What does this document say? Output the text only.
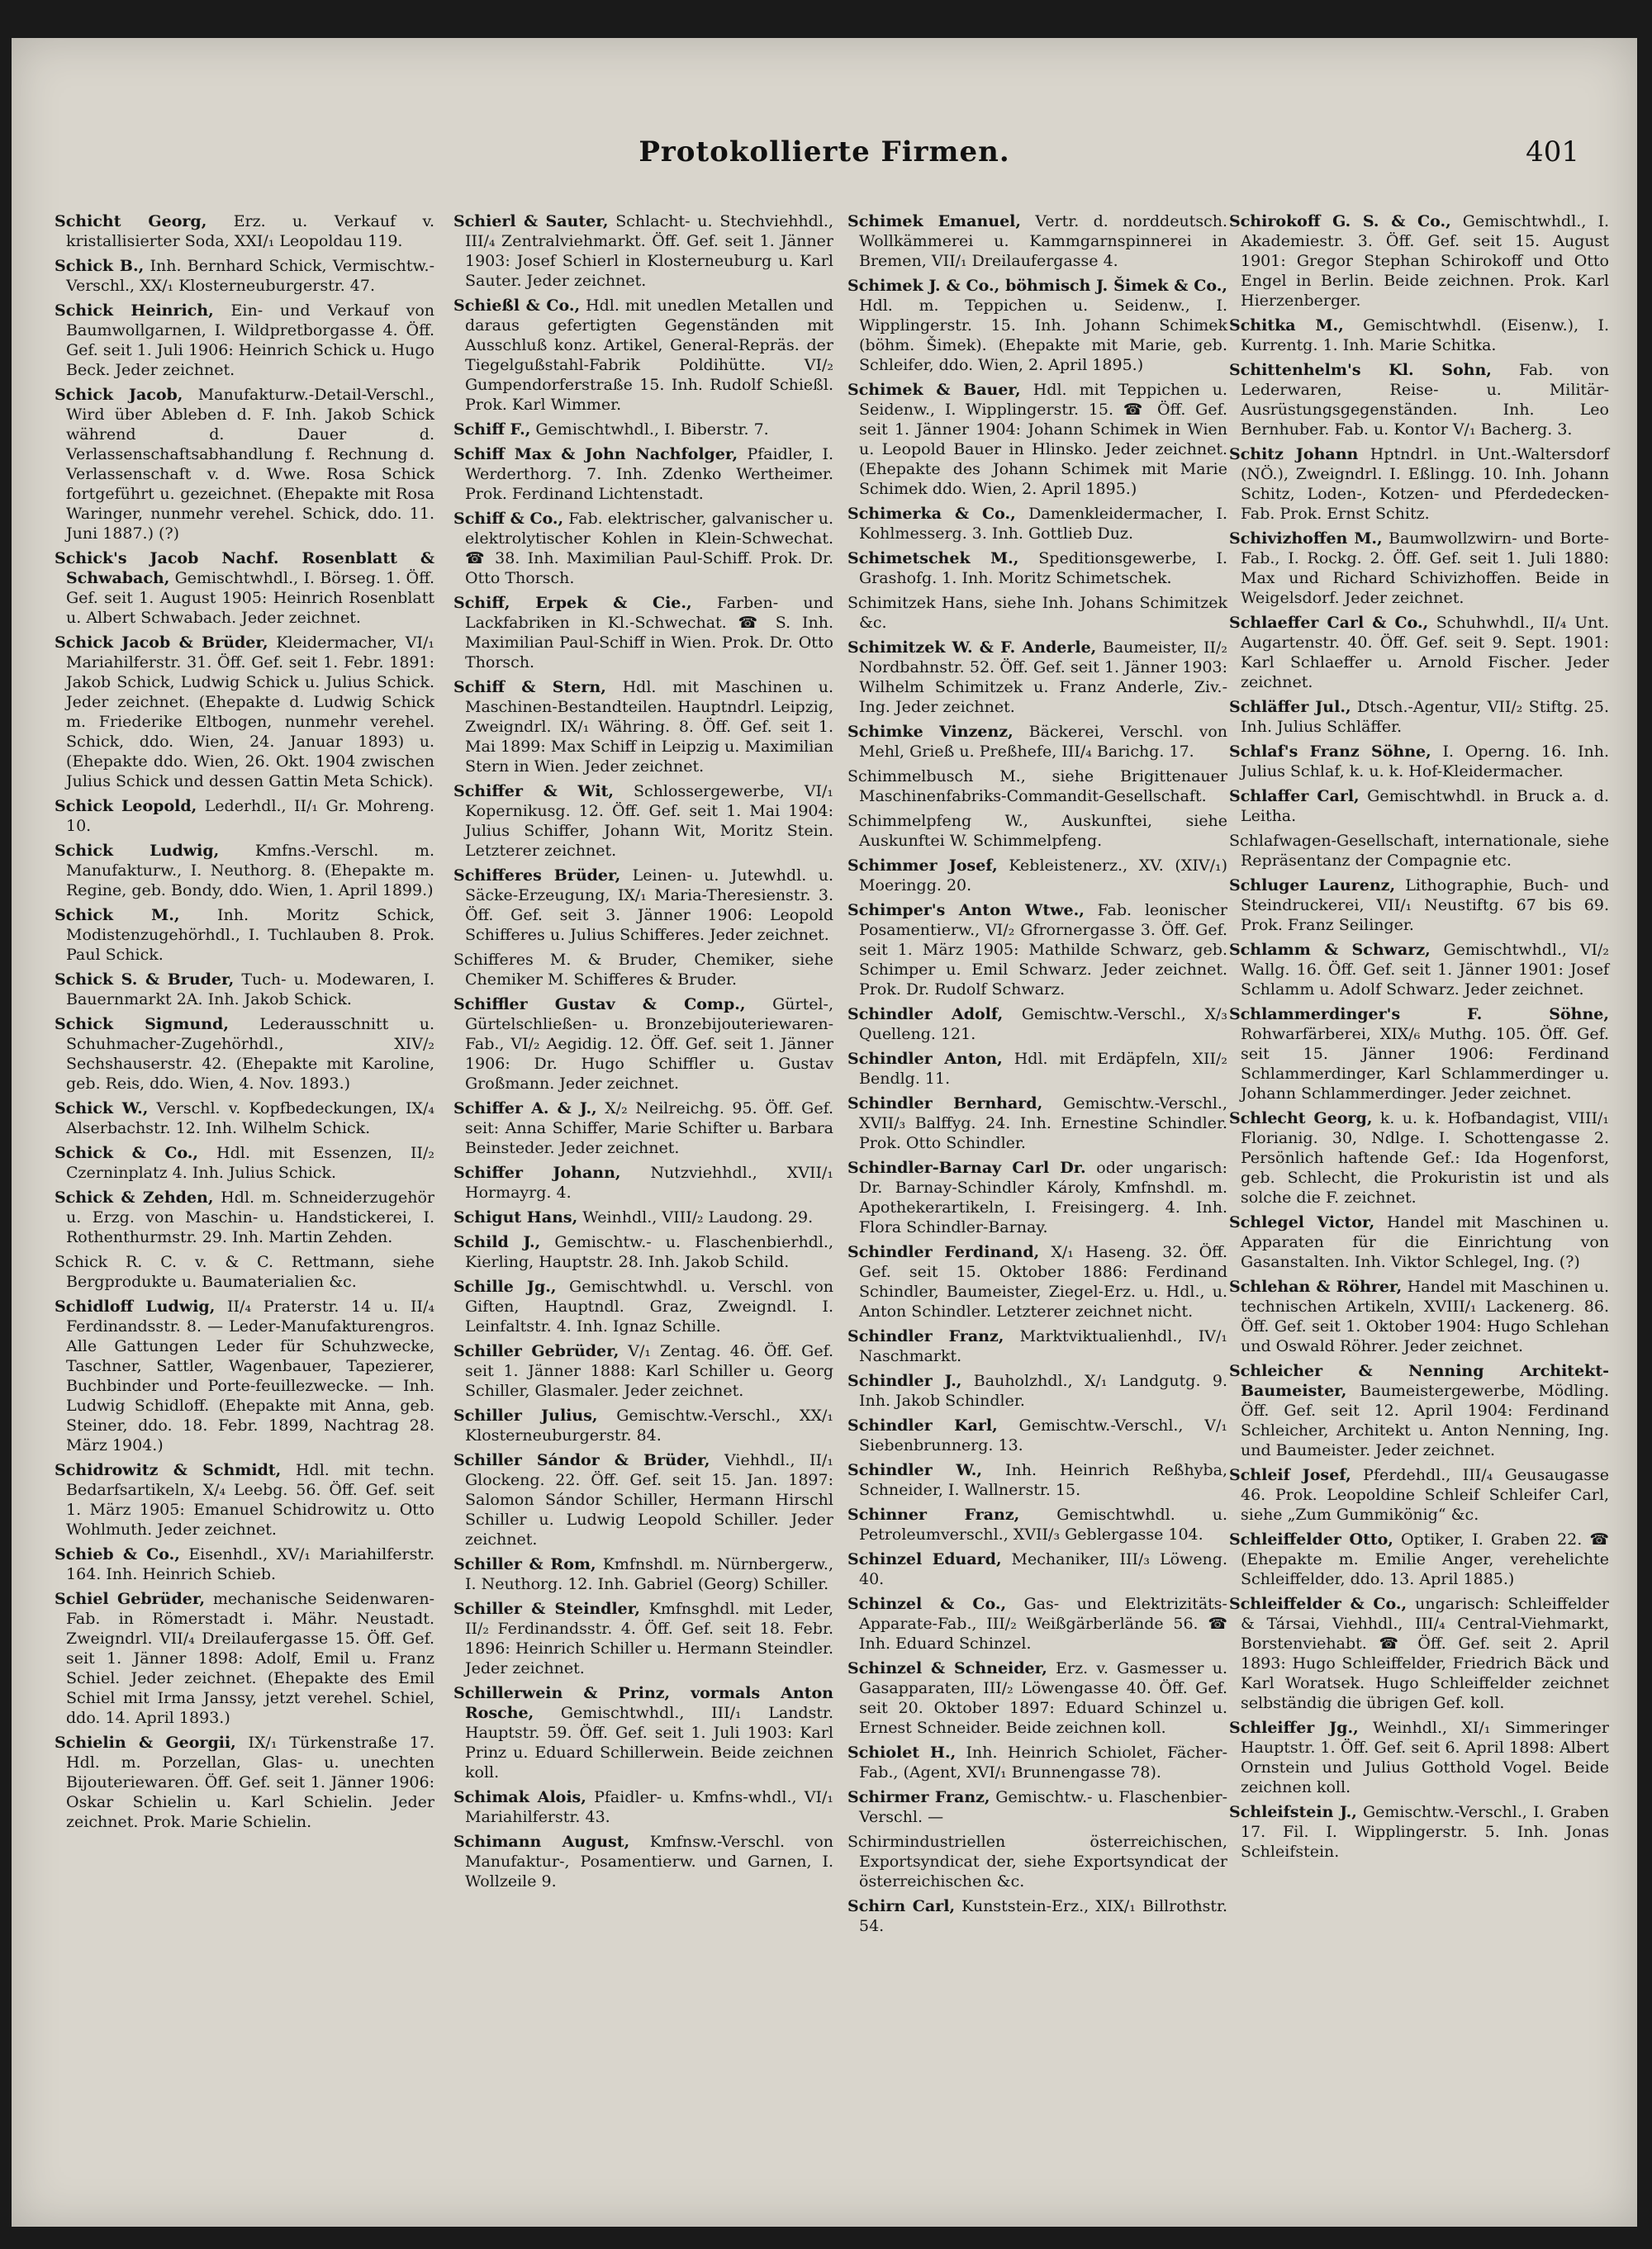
Protokollierte Firmen.	401
Schicht Georg, Erz. u. Verkauf v. kristallisierter Soda, XXI/₁ Leopoldau 119.
Schick B., Inh. Bernhard Schick, Vermischtw.-Verschl., XX/₁ Klosterneuburgerstr. 47.
Schick Heinrich, Ein- und Verkauf von Baumwollgarnen, I. Wildpretborgasse 4. Öff. Gef. seit 1. Juli 1906: Heinrich Schick u. Hugo Beck. Jeder zeichnet.
Schick Jacob, Manufakturw.-Detail-Verschl., Wird über Ableben d. F. Inh. Jakob Schick während d. Dauer d. Verlassenschaftsabhandlung f. Rechnung d. Verlassenschaft v. d. Wwe. Rosa Schick fortgeführt u. gezeichnet. (Ehepakte mit Rosa Waringer, nunmehr verehel. Schick, ddo. 11. Juni 1887.) (?)
Schick's Jacob Nachf. Rosenblatt & Schwabach, Gemischtwhdl., I. Börseg. 1. Öff. Gef. seit 1. August 1905: Heinrich Rosenblatt u. Albert Schwabach. Jeder zeichnet.
Schick Jacob & Brüder, Kleidermacher, VI/₁ Mariahilferstr. 31. Öff. Gef. seit 1. Febr. 1891: Jakob Schick, Ludwig Schick u. Julius Schick. Jeder zeichnet. (Ehepakte d. Ludwig Schick m. Friederike Eltbogen, nunmehr verehel. Schick, ddo. Wien, 24. Januar 1893) u. (Ehepakte ddo. Wien, 26. Okt. 1904 zwischen Julius Schick und dessen Gattin Meta Schick).
Schick Leopold, Lederhdl., II/₁ Gr. Mohreng. 10.
Schick Ludwig, Kmfns.-Verschl. m. Manufakturw., I. Neuthorg. 8. (Ehepakte m. Regine, geb. Bondy, ddo. Wien, 1. April 1899.)
Schick M., Inh. Moritz Schick, Modistenzugehörhdl., I. Tuchlauben 8. Prok. Paul Schick.
Schick S. & Bruder, Tuch- u. Modewaren, I. Bauernmarkt 2A. Inh. Jakob Schick.
Schick Sigmund, Lederausschnitt u. Schuhmacher-Zugehörhdl., XIV/₂ Sechshauserstr. 42. (Ehepakte mit Karoline, geb. Reis, ddo. Wien, 4. Nov. 1893.)
Schick W., Verschl. v. Kopfbedeckungen, IX/₄ Alserbachstr. 12. Inh. Wilhelm Schick.
Schick & Co., Hdl. mit Essenzen, II/₂ Czerninplatz 4. Inh. Julius Schick.
Schick & Zehden, Hdl. m. Schneiderzugehör u. Erzg. von Maschin- u. Handstickerei, I. Rothenthurmstr. 29. Inh. Martin Zehden.
Schick R. C. v. & C. Rettmann, siehe Bergprodukte u. Baumaterialien &c.
Schidloff Ludwig, II/₄ Praterstr. 14 u. II/₄ Ferdinandsstr. 8. — Leder-Manufakturengros. Alle Gattungen Leder für Schuhzwecke, Taschner, Sattler, Wagenbauer, Tapezierer, Buchbinder und Porte-feuillezwecke. — Inh. Ludwig Schidloff. (Ehepakte mit Anna, geb. Steiner, ddo. 18. Febr. 1899, Nachtrag 28. März 1904.)
Schidrowitz & Schmidt, Hdl. mit techn. Bedarfsartikeln, X/₄ Leebg. 56. Öff. Gef. seit 1. März 1905: Emanuel Schidrowitz u. Otto Wohlmuth. Jeder zeichnet.
Schieb & Co., Eisenhdl., XV/₁ Mariahilferstr. 164. Inh. Heinrich Schieb.
Schiel Gebrüder, mechanische Seidenwaren-Fab. in Römerstadt i. Mähr. Neustadt. Zweigndrl. VII/₄ Dreilaufergasse 15. Öff. Gef. seit 1. Jänner 1898: Adolf, Emil u. Franz Schiel. Jeder zeichnet. (Ehepakte des Emil Schiel mit Irma Janssy, jetzt verehel. Schiel, ddo. 14. April 1893.)
Schielin & Georgii, IX/₁ Türkenstraße 17. Hdl. m. Porzellan, Glas- u. unechten Bijouteriewaren. Öff. Gef. seit 1. Jänner 1906: Oskar Schielin u. Karl Schielin. Jeder zeichnet. Prok. Marie Schielin.
Schierl & Sauter, Schlacht- u. Stechviehhdl., III/₄ Zentralviehmarkt. Öff. Gef. seit 1. Jänner 1903: Josef Schierl in Klosterneuburg u. Karl Sauter. Jeder zeichnet.
Schießl & Co., Hdl. mit unedlen Metallen und daraus gefertigten Gegenständen mit Ausschluß konz. Artikel, General-Repräs. der Tiegelgußstahl-Fabrik Poldihütte. VI/₂ Gumpendorferstraße 15. Inh. Rudolf Schießl. Prok. Karl Wimmer.
Schiff F., Gemischtwhdl., I. Biberstr. 7.
Schiff Max & John Nachfolger, Pfaidler, I. Werderthorg. 7. Inh. Zdenko Wertheimer. Prok. Ferdinand Lichtenstadt.
Schiff & Co., Fab. elektrischer, galvanischer u. elektrolytischer Kohlen in Klein-Schwechat. ☎ 38. Inh. Maximilian Paul-Schiff. Prok. Dr. Otto Thorsch.
Schiff, Erpek & Cie., Farben- und Lackfabriken in Kl.-Schwechat. ☎ S. Inh. Maximilian Paul-Schiff in Wien. Prok. Dr. Otto Thorsch.
Schiff & Stern, Hdl. mit Maschinen u. Maschinen-Bestandteilen. Hauptndrl. Leipzig, Zweigndrl. IX/₁ Währing. 8. Öff. Gef. seit 1. Mai 1899: Max Schiff in Leipzig u. Maximilian Stern in Wien. Jeder zeichnet.
Schiffer & Wit, Schlossergewerbe, VI/₁ Kopernikusg. 12. Öff. Gef. seit 1. Mai 1904: Julius Schiffer, Johann Wit, Moritz Stein. Letzterer zeichnet.
Schifferes Brüder, Leinen- u. Jutewhdl. u. Säcke-Erzeugung, IX/₁ Maria-Theresienstr. 3. Öff. Gef. seit 3. Jänner 1906: Leopold Schifferes u. Julius Schifferes. Jeder zeichnet.
Schifferes M. & Bruder, Chemiker, siehe Chemiker M. Schifferes & Bruder.
Schiffler Gustav & Comp., Gürtel-, Gürtelschließen- u. Bronzebijouteriewaren-Fab., VI/₂ Aegidig. 12. Öff. Gef. seit 1. Jänner 1906: Dr. Hugo Schiffler u. Gustav Großmann. Jeder zeichnet.
Schiffer A. & J., X/₂ Neilreichg. 95. Öff. Gef. seit: Anna Schiffer, Marie Schifter u. Barbara Beinsteder. Jeder zeichnet.
Schiffer Johann, Nutzviehhdl., XVII/₁ Hormayrg. 4.
Schigut Hans, Weinhdl., VIII/₂ Laudong. 29.
Schild J., Gemischtw.- u. Flaschenbierhdl., Kierling, Hauptstr. 28. Inh. Jakob Schild.
Schille Jg., Gemischtwhdl. u. Verschl. von Giften, Hauptndl. Graz, Zweigndl. I. Leinfaltstr. 4. Inh. Ignaz Schille.
Schiller Gebrüder, V/₁ Zentag. 46. Öff. Gef. seit 1. Jänner 1888: Karl Schiller u. Georg Schiller, Glasmaler. Jeder zeichnet.
Schiller Julius, Gemischtw.-Verschl., XX/₁ Klosterneuburgerstr. 84.
Schiller Sándor & Brüder, Viehhdl., II/₁ Glockeng. 22. Öff. Gef. seit 15. Jan. 1897: Salomon Sándor Schiller, Hermann Hirschl Schiller u. Ludwig Leopold Schiller. Jeder zeichnet.
Schiller & Rom, Kmfnshdl. m. Nürnbergerw., I. Neuthorg. 12. Inh. Gabriel (Georg) Schiller.
Schiller & Steindler, Kmfnsghdl. mit Leder, II/₂ Ferdinandsstr. 4. Öff. Gef. seit 18. Febr. 1896: Heinrich Schiller u. Hermann Steindler. Jeder zeichnet.
Schillerwein & Prinz, vormals Anton Rosche, Gemischtwhdl., III/₁ Landstr. Hauptstr. 59. Öff. Gef. seit 1. Juli 1903: Karl Prinz u. Eduard Schillerwein. Beide zeichnen koll.
Schimak Alois, Pfaidler- u. Kmfns-whdl., VI/₁ Mariahilferstr. 43.
Schimann August, Kmfnsw.-Verschl. von Manufaktur-, Posamentierw. und Garnen, I. Wollzeile 9.
Schimek Emanuel, Vertr. d. norddeutsch. Wollkämmerei u. Kammgarnspinnerei in Bremen, VII/₁ Dreilaufergasse 4.
Schimek J. & Co., böhmisch J. Šimek & Co., Hdl. m. Teppichen u. Seidenw., I. Wipplingerstr. 15. Inh. Johann Schimek (böhm. Šimek). (Ehepakte mit Marie, geb. Schleifer, ddo. Wien, 2. April 1895.)
Schimek & Bauer, Hdl. mit Teppichen u. Seidenw., I. Wipplingerstr. 15. ☎ Öff. Gef. seit 1. Jänner 1904: Johann Schimek in Wien u. Leopold Bauer in Hlinsko. Jeder zeichnet. (Ehepakte des Johann Schimek mit Marie Schimek ddo. Wien, 2. April 1895.)
Schimerka & Co., Damenkleidermacher, I. Kohlmesserg. 3. Inh. Gottlieb Duz.
Schimetschek M., Speditionsgewerbe, I. Grashofg. 1. Inh. Moritz Schimetschek.
Schimitzek Hans, siehe Inh. Johans Schimitzek &c.
Schimitzek W. & F. Anderle, Baumeister, II/₂ Nordbahnstr. 52. Öff. Gef. seit 1. Jänner 1903: Wilhelm Schimitzek u. Franz Anderle, Ziv.-Ing. Jeder zeichnet.
Schimke Vinzenz, Bäckerei, Verschl. von Mehl, Grieß u. Preßhefe, III/₄ Barichg. 17.
Schimmelbusch M., siehe Brigittenauer Maschinenfabriks-Commandit-Gesellschaft.
Schimmelpfeng W., Auskunftei, siehe Auskunftei W. Schimmelpfeng.
Schimmer Josef, Kebleistenerz., XV. (XIV/₁) Moeringg. 20.
Schimper's Anton Wtwe., Fab. leonischer Posamentierw., VI/₂ Gfrornergasse 3. Öff. Gef. seit 1. März 1905: Mathilde Schwarz, geb. Schimper u. Emil Schwarz. Jeder zeichnet. Prok. Dr. Rudolf Schwarz.
Schindler Adolf, Gemischtw.-Verschl., X/₃ Quelleng. 121.
Schindler Anton, Hdl. mit Erdäpfeln, XII/₂ Bendlg. 11.
Schindler Bernhard, Gemischtw.-Verschl., XVII/₃ Balffyg. 24. Inh. Ernestine Schindler. Prok. Otto Schindler.
Schindler-Barnay Carl Dr. oder ungarisch: Dr. Barnay-Schindler Károly, Kmfnshdl. m. Apothekerartikeln, I. Freisingerg. 4. Inh. Flora Schindler-Barnay.
Schindler Ferdinand, X/₁ Haseng. 32. Öff. Gef. seit 15. Oktober 1886: Ferdinand Schindler, Baumeister, Ziegel-Erz. u. Hdl., u. Anton Schindler. Letzterer zeichnet nicht.
Schindler Franz, Marktviktualienhdl., IV/₁ Naschmarkt.
Schindler J., Bauholzhdl., X/₁ Landgutg. 9. Inh. Jakob Schindler.
Schindler Karl, Gemischtw.-Verschl., V/₁ Siebenbrunnerg. 13.
Schindler W., Inh. Heinrich Reßhyba, Schneider, I. Wallnerstr. 15.
Schinner Franz, Gemischtwhdl. u. Petroleumverschl., XVII/₃ Geblergasse 104.
Schinzel Eduard, Mechaniker, III/₃ Löweng. 40.
Schinzel & Co., Gas- und Elektrizitäts-Apparate-Fab., III/₂ Weißgärberlände 56. ☎ Inh. Eduard Schinzel.
Schinzel & Schneider, Erz. v. Gasmesser u. Gasapparaten, III/₂ Löwengasse 40. Öff. Gef. seit 20. Oktober 1897: Eduard Schinzel u. Ernest Schneider. Beide zeichnen koll.
Schiolet H., Inh. Heinrich Schiolet, Fächer-Fab., (Agent, XVI/₁ Brunnengasse 78).
Schirmer Franz, Gemischtw.- u. Flaschenbier-Verschl. —
Schirmindustriellen österreichischen, Exportsyndicat der, siehe Exportsyndicat der österreichischen &c.
Schirn Carl, Kunststein-Erz., XIX/₁ Billrothstr. 54.
Schirokoff G. S. & Co., Gemischtwhdl., I. Akademiestr. 3. Öff. Gef. seit 15. August 1901: Gregor Stephan Schirokoff und Otto Engel in Berlin. Beide zeichnen. Prok. Karl Hierzenberger.
Schitka M., Gemischtwhdl. (Eisenw.), I. Kurrentg. 1. Inh. Marie Schitka.
Schittenhelm's Kl. Sohn, Fab. von Lederwaren, Reise- u. Militär-Ausrüstungsgegenständen. Inh. Leo Bernhuber. Fab. u. Kontor V/₁ Bacherg. 3.
Schitz Johann Hptndrl. in Unt.-Waltersdorf (NÖ.), Zweigndrl. I. Eßlingg. 10. Inh. Johann Schitz, Loden-, Kotzen- und Pferdedecken-Fab. Prok. Ernst Schitz.
Schivizhoffen M., Baumwollzwirn- und Borte-Fab., I. Rockg. 2. Öff. Gef. seit 1. Juli 1880: Max und Richard Schivizhoffen. Beide in Weigelsdorf. Jeder zeichnet.
Schlaeffer Carl & Co., Schuhwhdl., II/₄ Unt. Augartenstr. 40. Öff. Gef. seit 9. Sept. 1901: Karl Schlaeffer u. Arnold Fischer. Jeder zeichnet.
Schläffer Jul., Dtsch.-Agentur, VII/₂ Stiftg. 25. Inh. Julius Schläffer.
Schlaf's Franz Söhne, I. Operng. 16. Inh. Julius Schlaf, k. u. k. Hof-Kleidermacher.
Schlaffer Carl, Gemischtwhdl. in Bruck a. d. Leitha.
Schlafwagen-Gesellschaft, internationale, siehe Repräsentanz der Compagnie etc.
Schluger Laurenz, Lithographie, Buch- und Steindruckerei, VII/₁ Neustiftg. 67 bis 69. Prok. Franz Seilinger.
Schlamm & Schwarz, Gemischtwhdl., VI/₂ Wallg. 16. Öff. Gef. seit 1. Jänner 1901: Josef Schlamm u. Adolf Schwarz. Jeder zeichnet.
Schlammerdinger's F. Söhne, Rohwarfärberei, XIX/₆ Muthg. 105. Öff. Gef. seit 15. Jänner 1906: Ferdinand Schlammerdinger, Karl Schlammerdinger u. Johann Schlammerdinger. Jeder zeichnet.
Schlecht Georg, k. u. k. Hofbandagist, VIII/₁ Florianig. 30, Ndlge. I. Schottengasse 2. Persönlich haftende Gef.: Ida Hogenforst, geb. Schlecht, die Prokuristin ist und als solche die F. zeichnet.
Schlegel Victor, Handel mit Maschinen u. Apparaten für die Einrichtung von Gasanstalten. Inh. Viktor Schlegel, Ing. (?)
Schlehan & Röhrer, Handel mit Maschinen u. technischen Artikeln, XVIII/₁ Lackenerg. 86. Öff. Gef. seit 1. Oktober 1904: Hugo Schlehan und Oswald Röhrer. Jeder zeichnet.
Schleicher & Nenning Architekt-Baumeister, Baumeistergewerbe, Mödling. Öff. Gef. seit 12. April 1904: Ferdinand Schleicher, Architekt u. Anton Nenning, Ing. und Baumeister. Jeder zeichnet.
Schleif Josef, Pferdehdl., III/₄ Geusaugasse 46. Prok. Leopoldine Schleif Schleifer Carl, siehe „Zum Gummikönig“ &c.
Schleiffelder Otto, Optiker, I. Graben 22. ☎ (Ehepakte m. Emilie Anger, verehelichte Schleiffelder, ddo. 13. April 1885.)
Schleiffelder & Co., ungarisch: Schleiffelder & Társai, Viehhdl., III/₄ Central-Viehmarkt, Borstenviehabt. ☎ Öff. Gef. seit 2. April 1893: Hugo Schleiffelder, Friedrich Bäck und Karl Woratsek. Hugo Schleiffelder zeichnet selbständig die übrigen Gef. koll.
Schleiffer Jg., Weinhdl., XI/₁ Simmeringer Hauptstr. 1. Öff. Gef. seit 6. April 1898: Albert Ornstein und Julius Gotthold Vogel. Beide zeichnen koll.
Schleifstein J., Gemischtw.-Verschl., I. Graben 17. Fil. I. Wipplingerstr. 5. Inh. Jonas Schleifstein.
